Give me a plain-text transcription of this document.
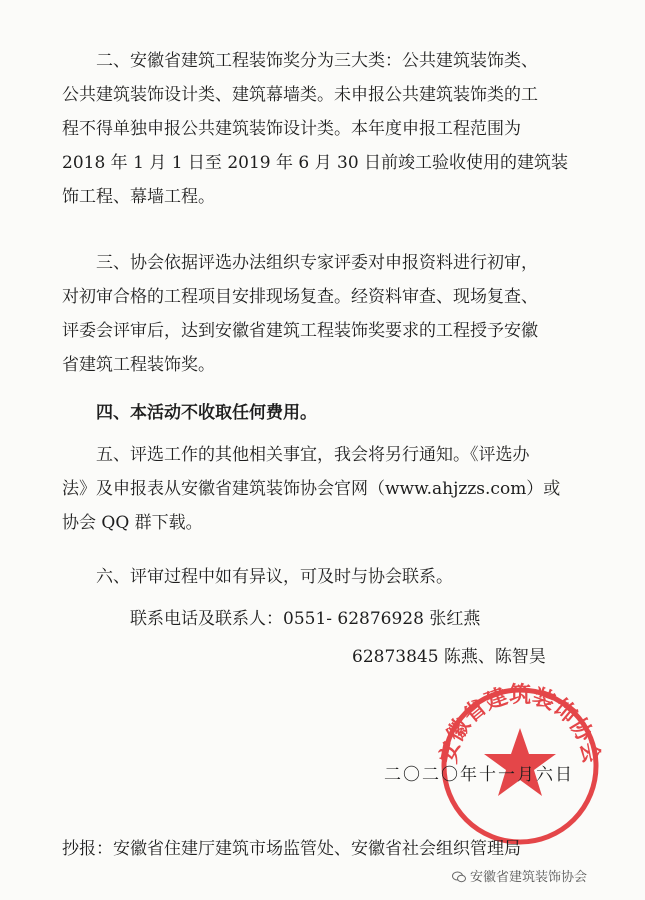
二、安徽省建筑工程装饰奖分为三大类：公共建筑装饰类、
公共建筑装饰设计类、建筑幕墙类。未申报公共建筑装饰类的工
程不得单独申报公共建筑装饰设计类。本年度申报工程范围为
2018 年 1 月 1 日至 2019 年 6 月 30 日前竣工验收使用的建筑装
饰工程、幕墙工程。

三、协会依据评选办法组织专家评委对申报资料进行初审，
对初审合格的工程项目安排现场复查。经资料审查、现场复查、
评委会评审后，达到安徽省建筑工程装饰奖要求的工程授予安徽
省建筑工程装饰奖。

四、本活动不收取任何费用。

五、评选工作的其他相关事宜，我会将另行通知。《评选办
法》及申报表从安徽省建筑装饰协会官网（www.ahjzzs.com）或
协会 QQ 群下载。

六、评审过程中如有异议，可及时与协会联系。

联系电话及联系人：0551- 62876928 张红燕
62873845 陈燕、陈智昊
安徽省建筑装饰协会
二〇二〇年十一月六日
抄报：安徽省住建厅建筑市场监管处、安徽省社会组织管理局
安徽省建筑装饰协会
